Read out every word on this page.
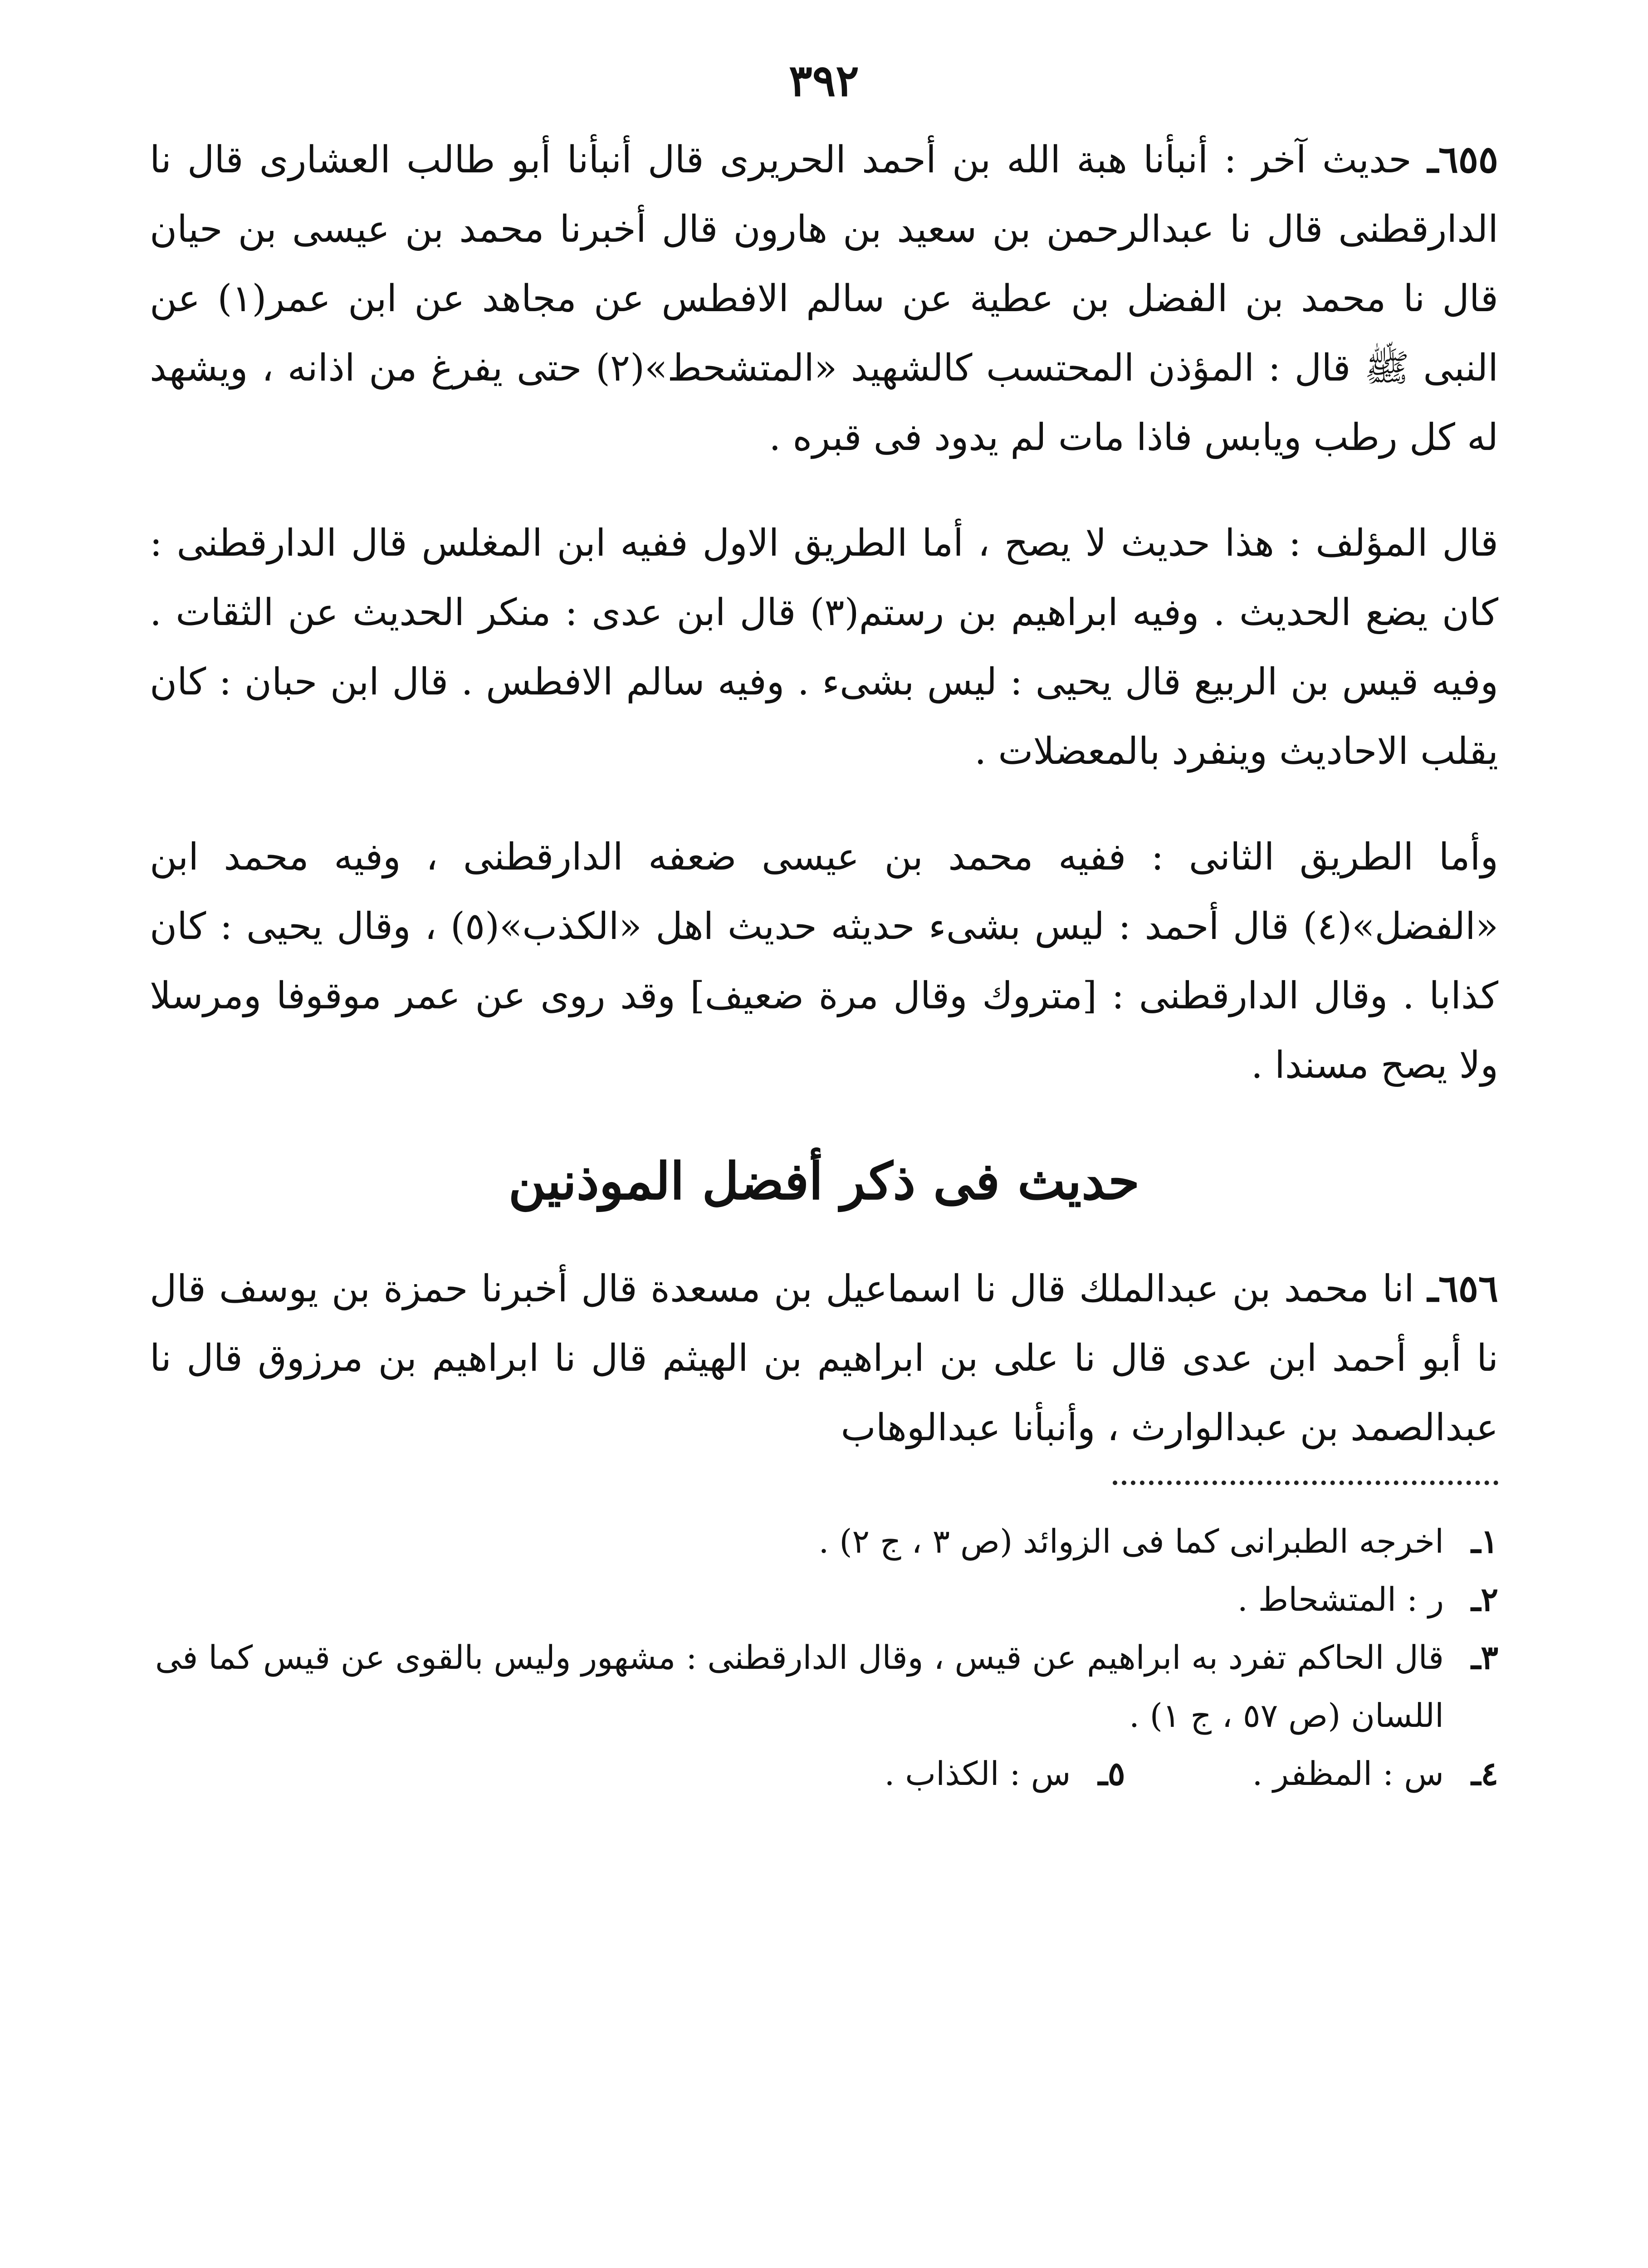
٣٩٢

٦٥٥ـ حديث آخر : أنبأنا هبة الله بن أحمد الحريرى قال أنبأنا أبو طالب العشارى قال نا الدارقطنى قال نا عبدالرحمن بن سعيد بن هارون قال أخبرنا محمد بن عيسى بن حيان قال نا محمد بن الفضل بن عطية عن سالم الافطس عن مجاهد عن ابن عمر(١) عن النبى ﷺ قال : المؤذن المحتسب كالشهيد «المتشحط»(٢) حتى يفرغ من اذانه ، ويشهد له كل رطب ويابس فاذا مات لم يدود فى قبره .

قال المؤلف : هذا حديث لا يصح ، أما الطريق الاول ففيه ابن المغلس قال الدارقطنى : كان يضع الحديث . وفيه ابراهيم بن رستم(٣) قال ابن عدى : منكر الحديث عن الثقات . وفيه قيس بن الربيع قال يحيى : ليس بشىء . وفيه سالم الافطس . قال ابن حبان : كان يقلب الاحاديث وينفرد بالمعضلات .

وأما الطريق الثانى : ففيه محمد بن عيسى ضعفه الدارقطنى ، وفيه محمد ابن «الفضل»(٤) قال أحمد : ليس بشىء حديثه حديث اهل «الكذب»(٥) ، وقال يحيى : كان كذابا . وقال الدارقطنى : [متروك وقال مرة ضعيف] وقد روى عن عمر موقوفا ومرسلا ولا يصح مسندا .

حديث فى ذكر أفضل الموذنين

٦٥٦ـ انا محمد بن عبدالملك قال نا اسماعيل بن مسعدة قال أخبرنا حمزة بن يوسف قال نا أبو أحمد ابن عدى قال نا على بن ابراهيم بن الهيثم قال نا ابراهيم بن مرزوق قال نا عبدالصمد بن عبدالوارث ، وأنبأنا عبدالوهاب

١ـ
اخرجه الطبرانى كما فى الزوائد (ص ٣ ، ج ٢) .
٢ـ
ر : المتشحاط .
٣ـ
قال الحاكم تفرد به ابراهيم عن قيس ، وقال الدارقطنى : مشهور وليس بالقوى عن قيس كما فى اللسان (ص ٥٧ ، ج ١) .
٤ـ
س : المظفر .
٥ـ
س : الكذاب .
